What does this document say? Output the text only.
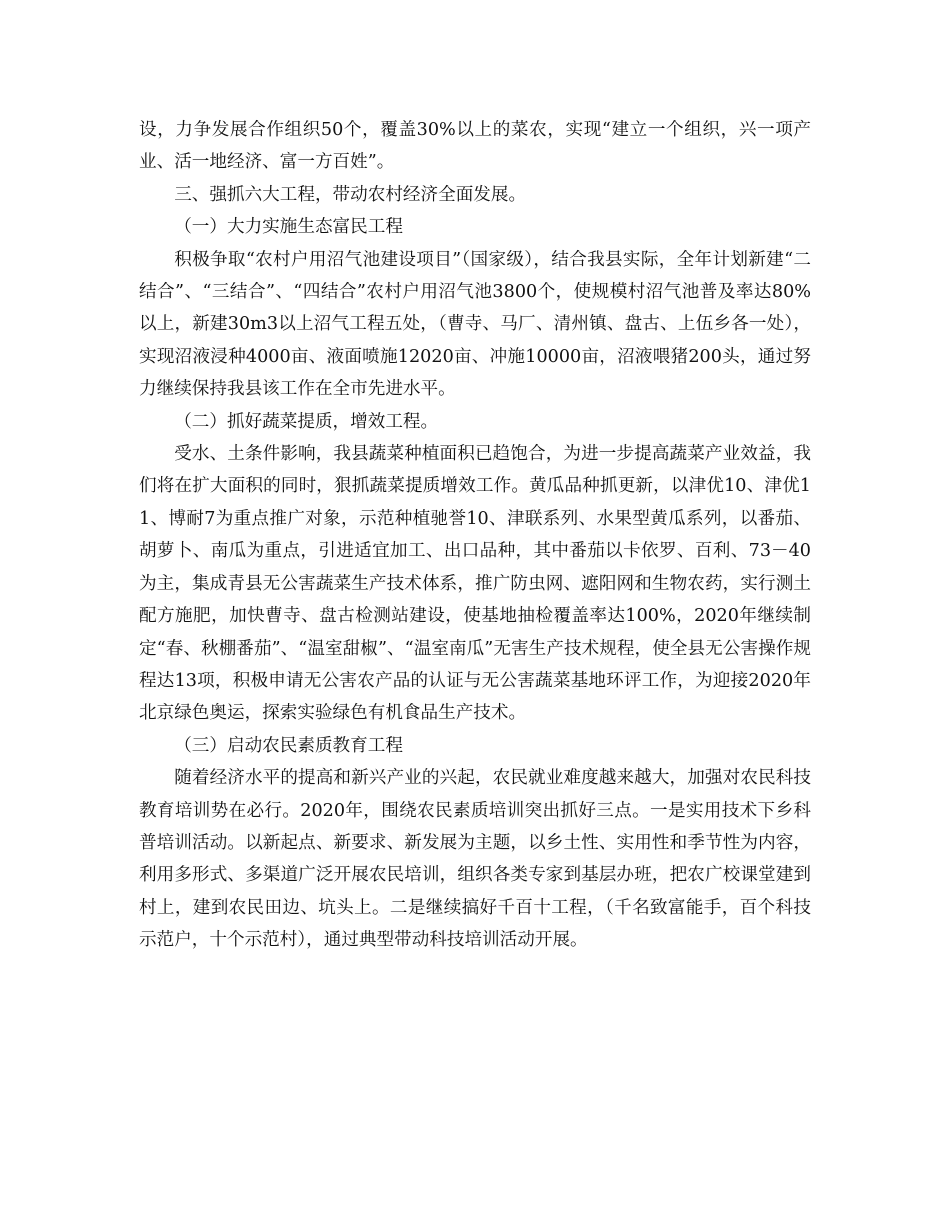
设，力争发展合作组织50个，覆盖30%以上的菜农，实现“建立一个组织，兴一项产业、活一地经济、富一方百姓”。

三、强抓六大工程，带动农村经济全面发展。

（一）大力实施生态富民工程

积极争取“农村户用沼气池建设项目”（国家级），结合我县实际，全年计划新建“二结合”、“三结合”、“四结合”农村户用沼气池3800个，使规模村沼气池普及率达80%以上，新建30m3以上沼气工程五处，（曹寺、马厂、清州镇、盘古、上伍乡各一处），实现沼液浸种4000亩、液面喷施12020亩、冲施10000亩，沼液喂猪200头，通过努力继续保持我县该工作在全市先进水平。

（二）抓好蔬菜提质，增效工程。

受水、土条件影响，我县蔬菜种植面积已趋饱合，为进一步提高蔬菜产业效益，我们将在扩大面积的同时，狠抓蔬菜提质增效工作。黄瓜品种抓更新，以津优10、津优11、博耐7为重点推广对象，示范种植驰誉10、津联系列、水果型黄瓜系列，以番茄、胡萝卜、南瓜为重点，引进适宜加工、出口品种，其中番茄以卡依罗、百利、73－40为主，集成青县无公害蔬菜生产技术体系，推广防虫网、遮阳网和生物农药，实行测土配方施肥，加快曹寺、盘古检测站建设，使基地抽检覆盖率达100%，2020年继续制定“春、秋棚番茄”、“温室甜椒”、“温室南瓜”无害生产技术规程，使全县无公害操作规程达13项，积极申请无公害农产品的认证与无公害蔬菜基地环评工作，为迎接2020年北京绿色奥运，探索实验绿色有机食品生产技术。

（三）启动农民素质教育工程

随着经济水平的提高和新兴产业的兴起，农民就业难度越来越大，加强对农民科技教育培训势在必行。2020年，围绕农民素质培训突出抓好三点。一是实用技术下乡科普培训活动。以新起点、新要求、新发展为主题，以乡土性、实用性和季节性为内容，利用多形式、多渠道广泛开展农民培训，组织各类专家到基层办班，把农广校课堂建到村上，建到农民田边、坑头上。二是继续搞好千百十工程，（千名致富能手，百个科技示范户，十个示范村），通过典型带动科技培训活动开展。
